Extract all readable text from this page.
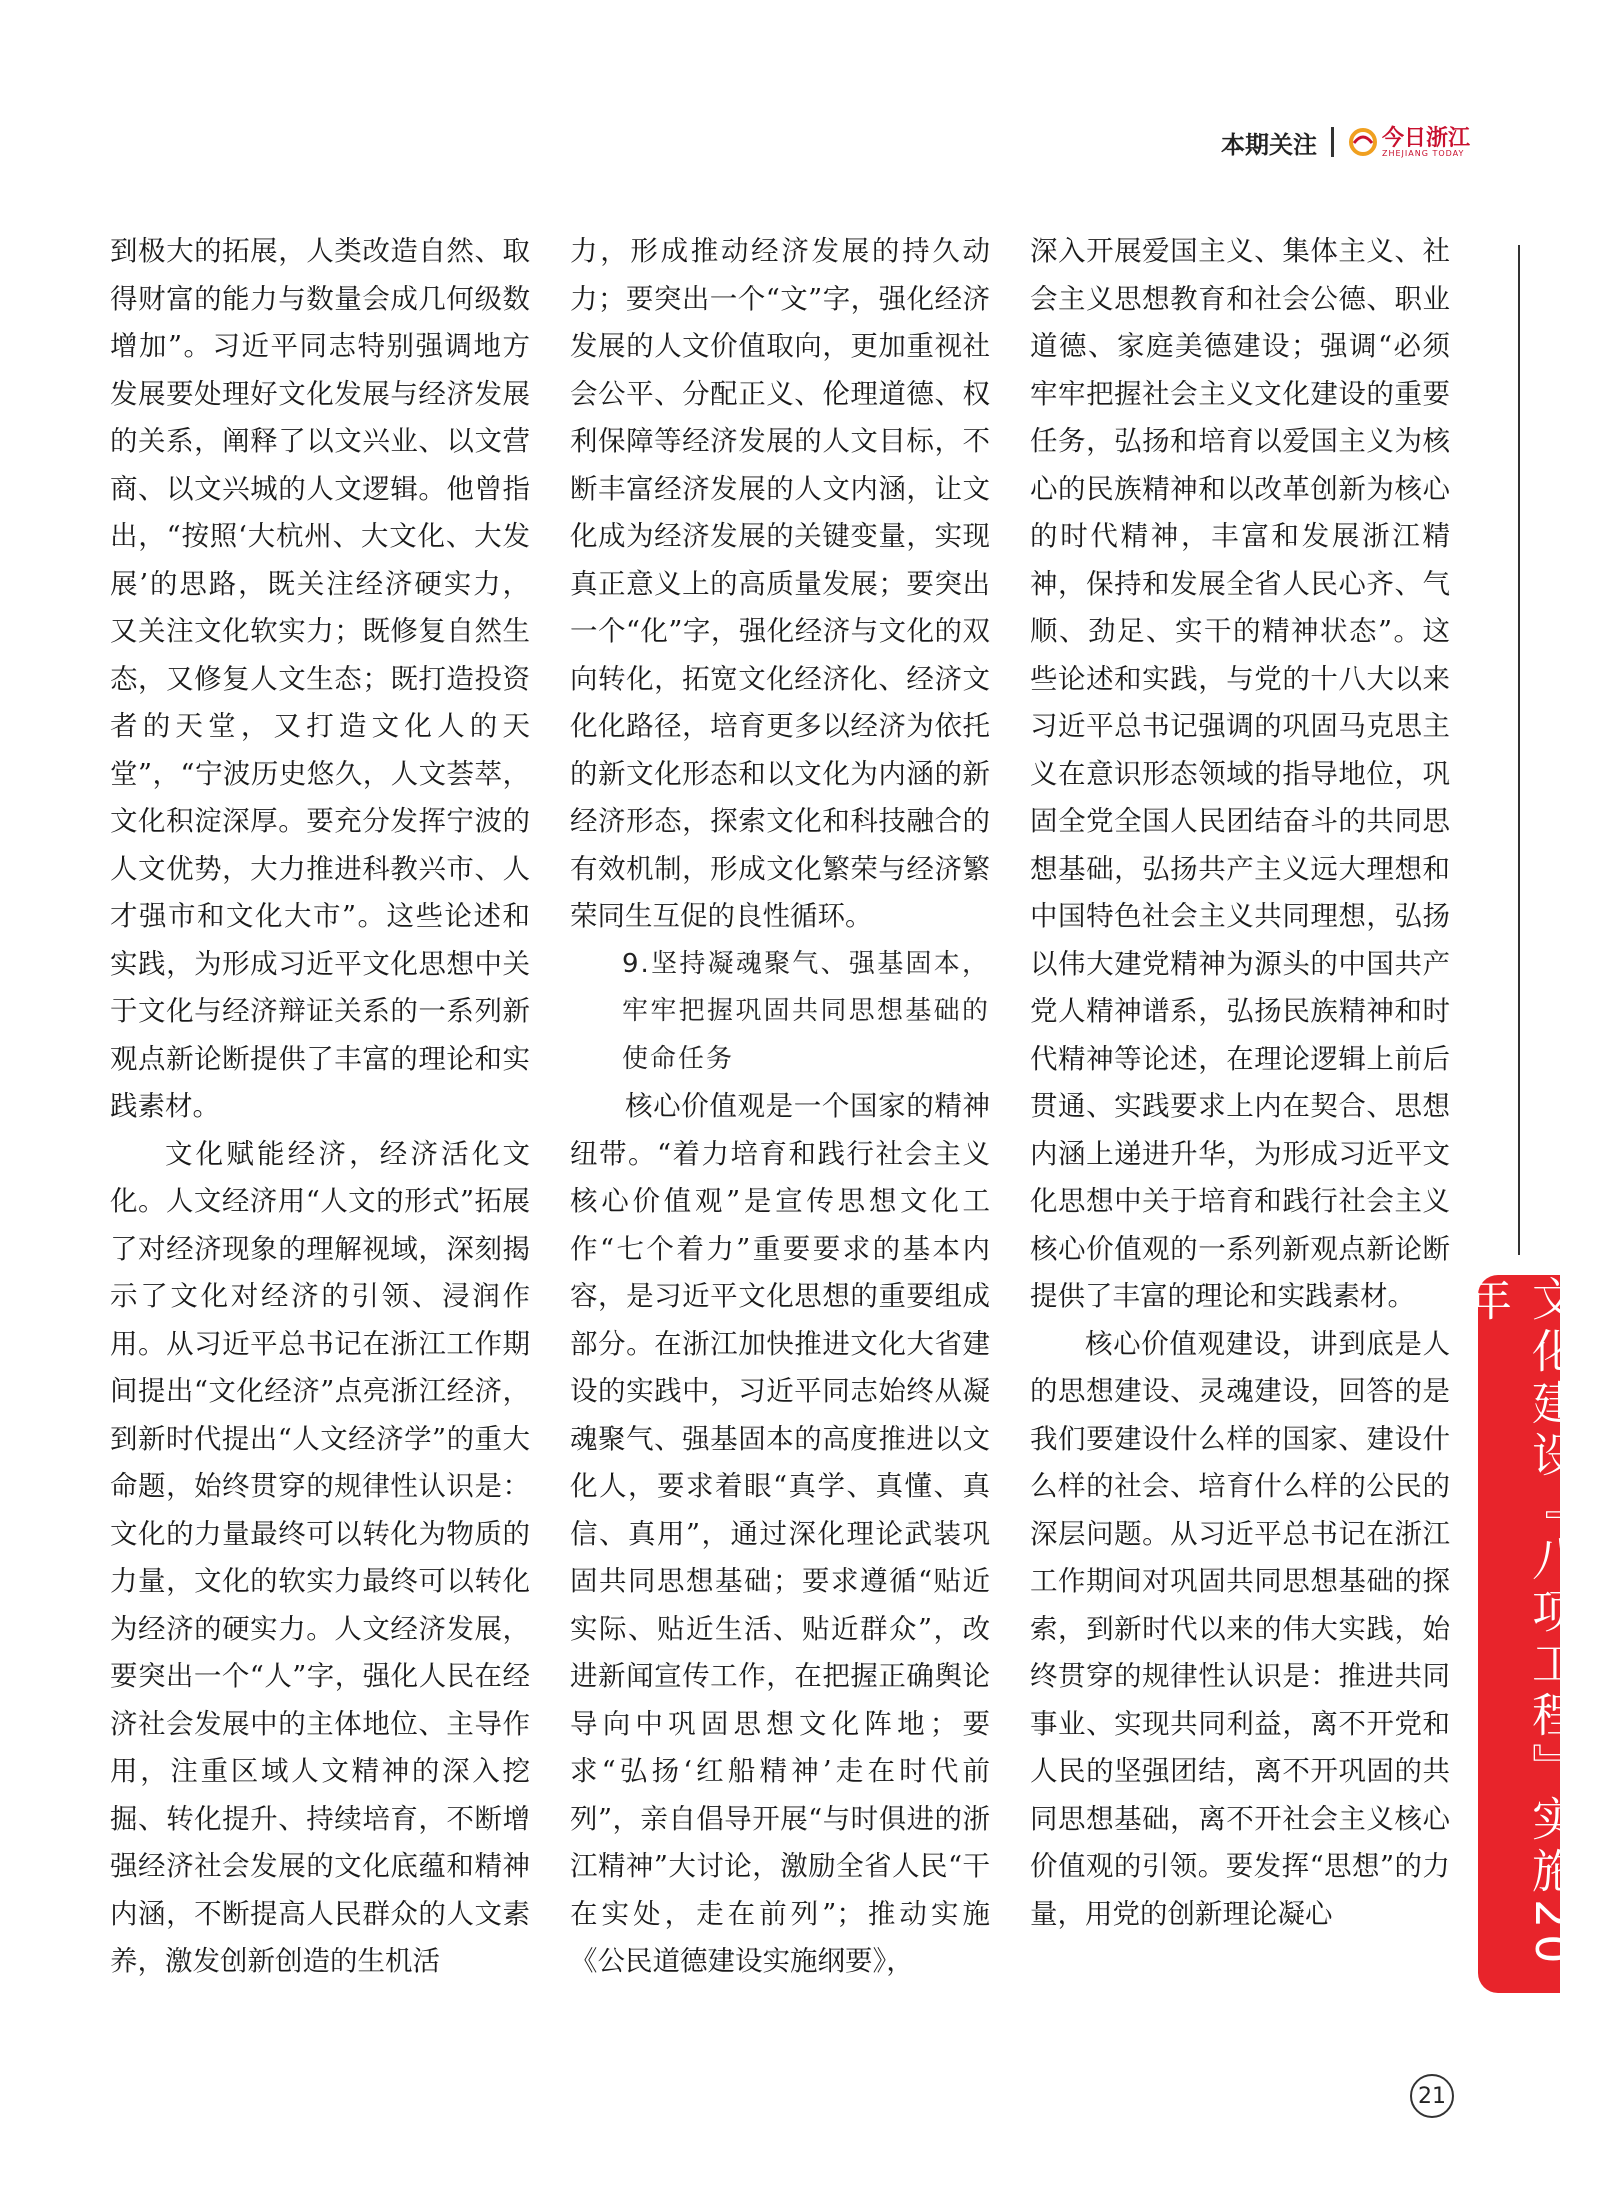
本期关注	今日浙江
ZHEJIANG TODAY

到极大的拓展，人类改造自然、取得财富的能力与数量会成几何级数增加”。习近平同志特别强调地方发展要处理好文化发展与经济发展的关系，阐释了以文兴业、以文营商、以文兴城的人文逻辑。他曾指出，“按照‘大杭州、大文化、大发展’的思路，既关注经济硬实力，又关注文化软实力；既修复自然生态，又修复人文生态；既打造投资者的天堂，又打造文化人的天堂”，“宁波历史悠久，人文荟萃，文化积淀深厚。要充分发挥宁波的人文优势，大力推进科教兴市、人才强市和文化大市”。这些论述和实践，为形成习近平文化思想中关于文化与经济辩证关系的一系列新观点新论断提供了丰富的理论和实践素材。

文化赋能经济，经济活化文化。人文经济用“人文的形式”拓展了对经济现象的理解视域，深刻揭示了文化对经济的引领、浸润作用。从习近平总书记在浙江工作期间提出“文化经济”点亮浙江经济，到新时代提出“人文经济学”的重大命题，始终贯穿的规律性认识是：文化的力量最终可以转化为物质的力量，文化的软实力最终可以转化为经济的硬实力。人文经济发展，要突出一个“人”字，强化人民在经济社会发展中的主体地位、主导作用，注重区域人文精神的深入挖掘、转化提升、持续培育，不断增强经济社会发展的文化底蕴和精神内涵，不断提高人民群众的人文素养，激发创新创造的生机活

力，形成推动经济发展的持久动力；要突出一个“文”字，强化经济发展的人文价值取向，更加重视社会公平、分配正义、伦理道德、权利保障等经济发展的人文目标，不断丰富经济发展的人文内涵，让文化成为经济发展的关键变量，实现真正意义上的高质量发展；要突出一个“化”字，强化经济与文化的双向转化，拓宽文化经济化、经济文化化路径，培育更多以经济为依托的新文化形态和以文化为内涵的新经济形态，探索文化和科技融合的有效机制，形成文化繁荣与经济繁荣同生互促的良性循环。

9.坚持凝魂聚气、强基固本，牢牢把握巩固共同思想基础的使命任务

核心价值观是一个国家的精神纽带。“着力培育和践行社会主义核心价值观”是宣传思想文化工作“七个着力”重要要求的基本内容，是习近平文化思想的重要组成部分。在浙江加快推进文化大省建设的实践中，习近平同志始终从凝魂聚气、强基固本的高度推进以文化人，要求着眼“真学、真懂、真信、真用”，通过深化理论武装巩固共同思想基础；要求遵循“贴近实际、贴近生活、贴近群众”，改进新闻宣传工作，在把握正确舆论导向中巩固思想文化阵地；要求“弘扬‘红船精神’走在时代前列”，亲自倡导开展“与时俱进的浙江精神”大讨论，激励全省人民“干在实处，走在前列”；推动实施《公民道德建设实施纲要》，

深入开展爱国主义、集体主义、社会主义思想教育和社会公德、职业道德、家庭美德建设；强调“必须牢牢把握社会主义文化建设的重要任务，弘扬和培育以爱国主义为核心的民族精神和以改革创新为核心的时代精神，丰富和发展浙江精神，保持和发展全省人民心齐、气顺、劲足、实干的精神状态”。这些论述和实践，与党的十八大以来习近平总书记强调的巩固马克思主义在意识形态领域的指导地位，巩固全党全国人民团结奋斗的共同思想基础，弘扬共产主义远大理想和中国特色社会主义共同理想，弘扬以伟大建党精神为源头的中国共产党人精神谱系，弘扬民族精神和时代精神等论述，在理论逻辑上前后贯通、实践要求上内在契合、思想内涵上递进升华，为形成习近平文化思想中关于培育和践行社会主义核心价值观的一系列新观点新论断提供了丰富的理论和实践素材。

核心价值观建设，讲到底是人的思想建设、灵魂建设，回答的是我们要建设什么样的国家、建设什么样的社会、培育什么样的公民的深层问题。从习近平总书记在浙江工作期间对巩固共同思想基础的探索，到新时代以来的伟大实践，始终贯穿的规律性认识是：推进共同事业、实现共同利益，离不开党和人民的坚强团结，离不开巩固的共同思想基础，离不开社会主义核心价值观的引领。要发挥“思想”的力量，用党的创新理论凝心	文化建设『八项工程』实施20年
21
